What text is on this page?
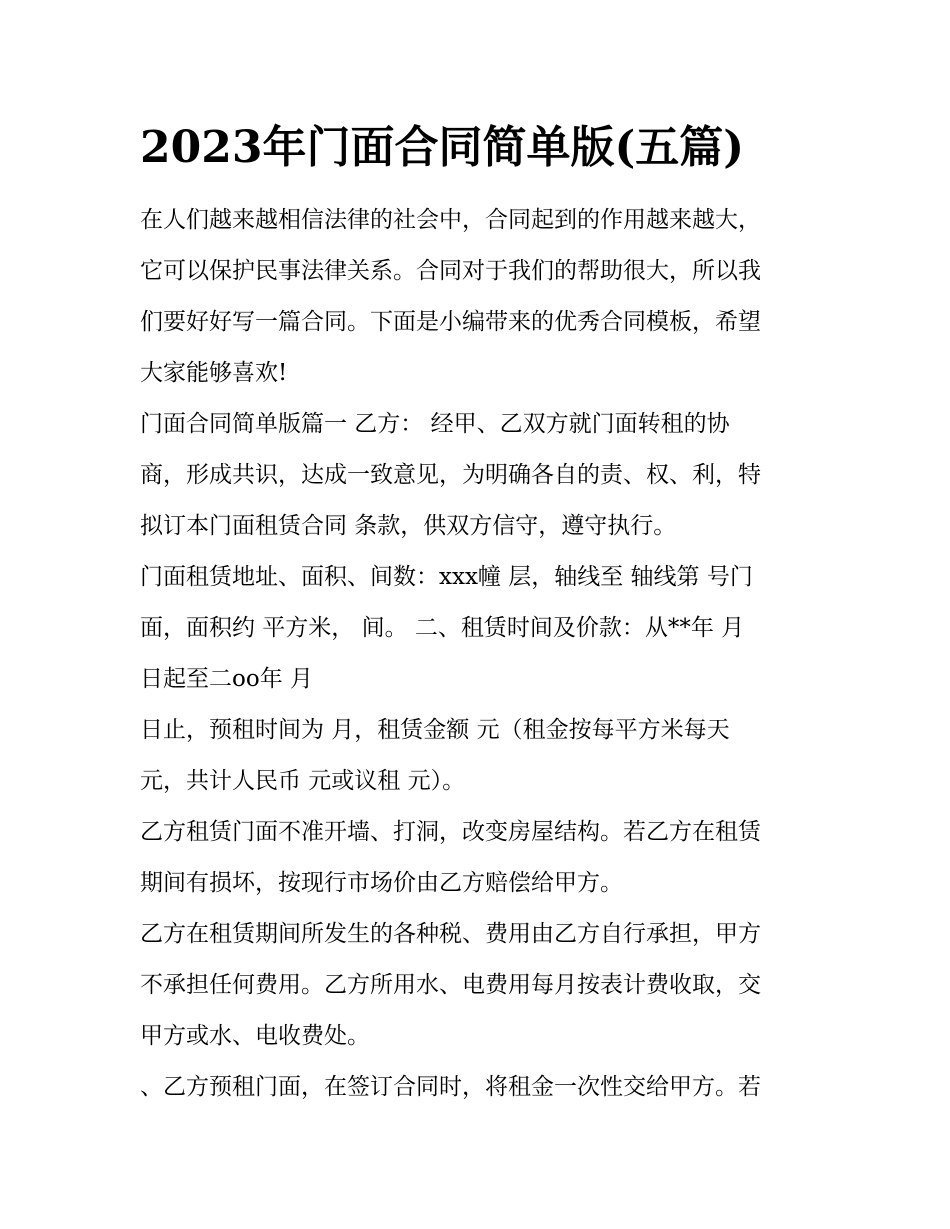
2023年门面合同简单版(五篇)
在人们越来越相信法律的社会中，合同起到的作用越来越大，
它可以保护民事法律关系。合同对于我们的帮助很大，所以我
们要好好写一篇合同。下面是小编带来的优秀合同模板，希望
大家能够喜欢!
门面合同简单版篇一 乙方： 经甲、乙双方就门面转租的协
商，形成共识，达成一致意见，为明确各自的责、权、利，特
拟订本门面租赁合同 条款，供双方信守，遵守执行。
门面租赁地址、面积、间数：xxx幢 层，轴线至 轴线第 号门
面，面积约 平方米， 间。 二、租赁时间及价款：从**年 月
日起至二oo年 月
日止，预租时间为 月，租赁金额 元（租金按每平方米每天
元，共计人民币 元或议租 元）。
乙方租赁门面不准开墙、打洞，改变房屋结构。若乙方在租赁
期间有损坏，按现行市场价由乙方赔偿给甲方。
乙方在租赁期间所发生的各种税、费用由乙方自行承担，甲方
不承担任何费用。乙方所用水、电费用每月按表计费收取，交
甲方或水、电收费处。
、乙方预租门面，在签订合同时，将租金一次性交给甲方。若
